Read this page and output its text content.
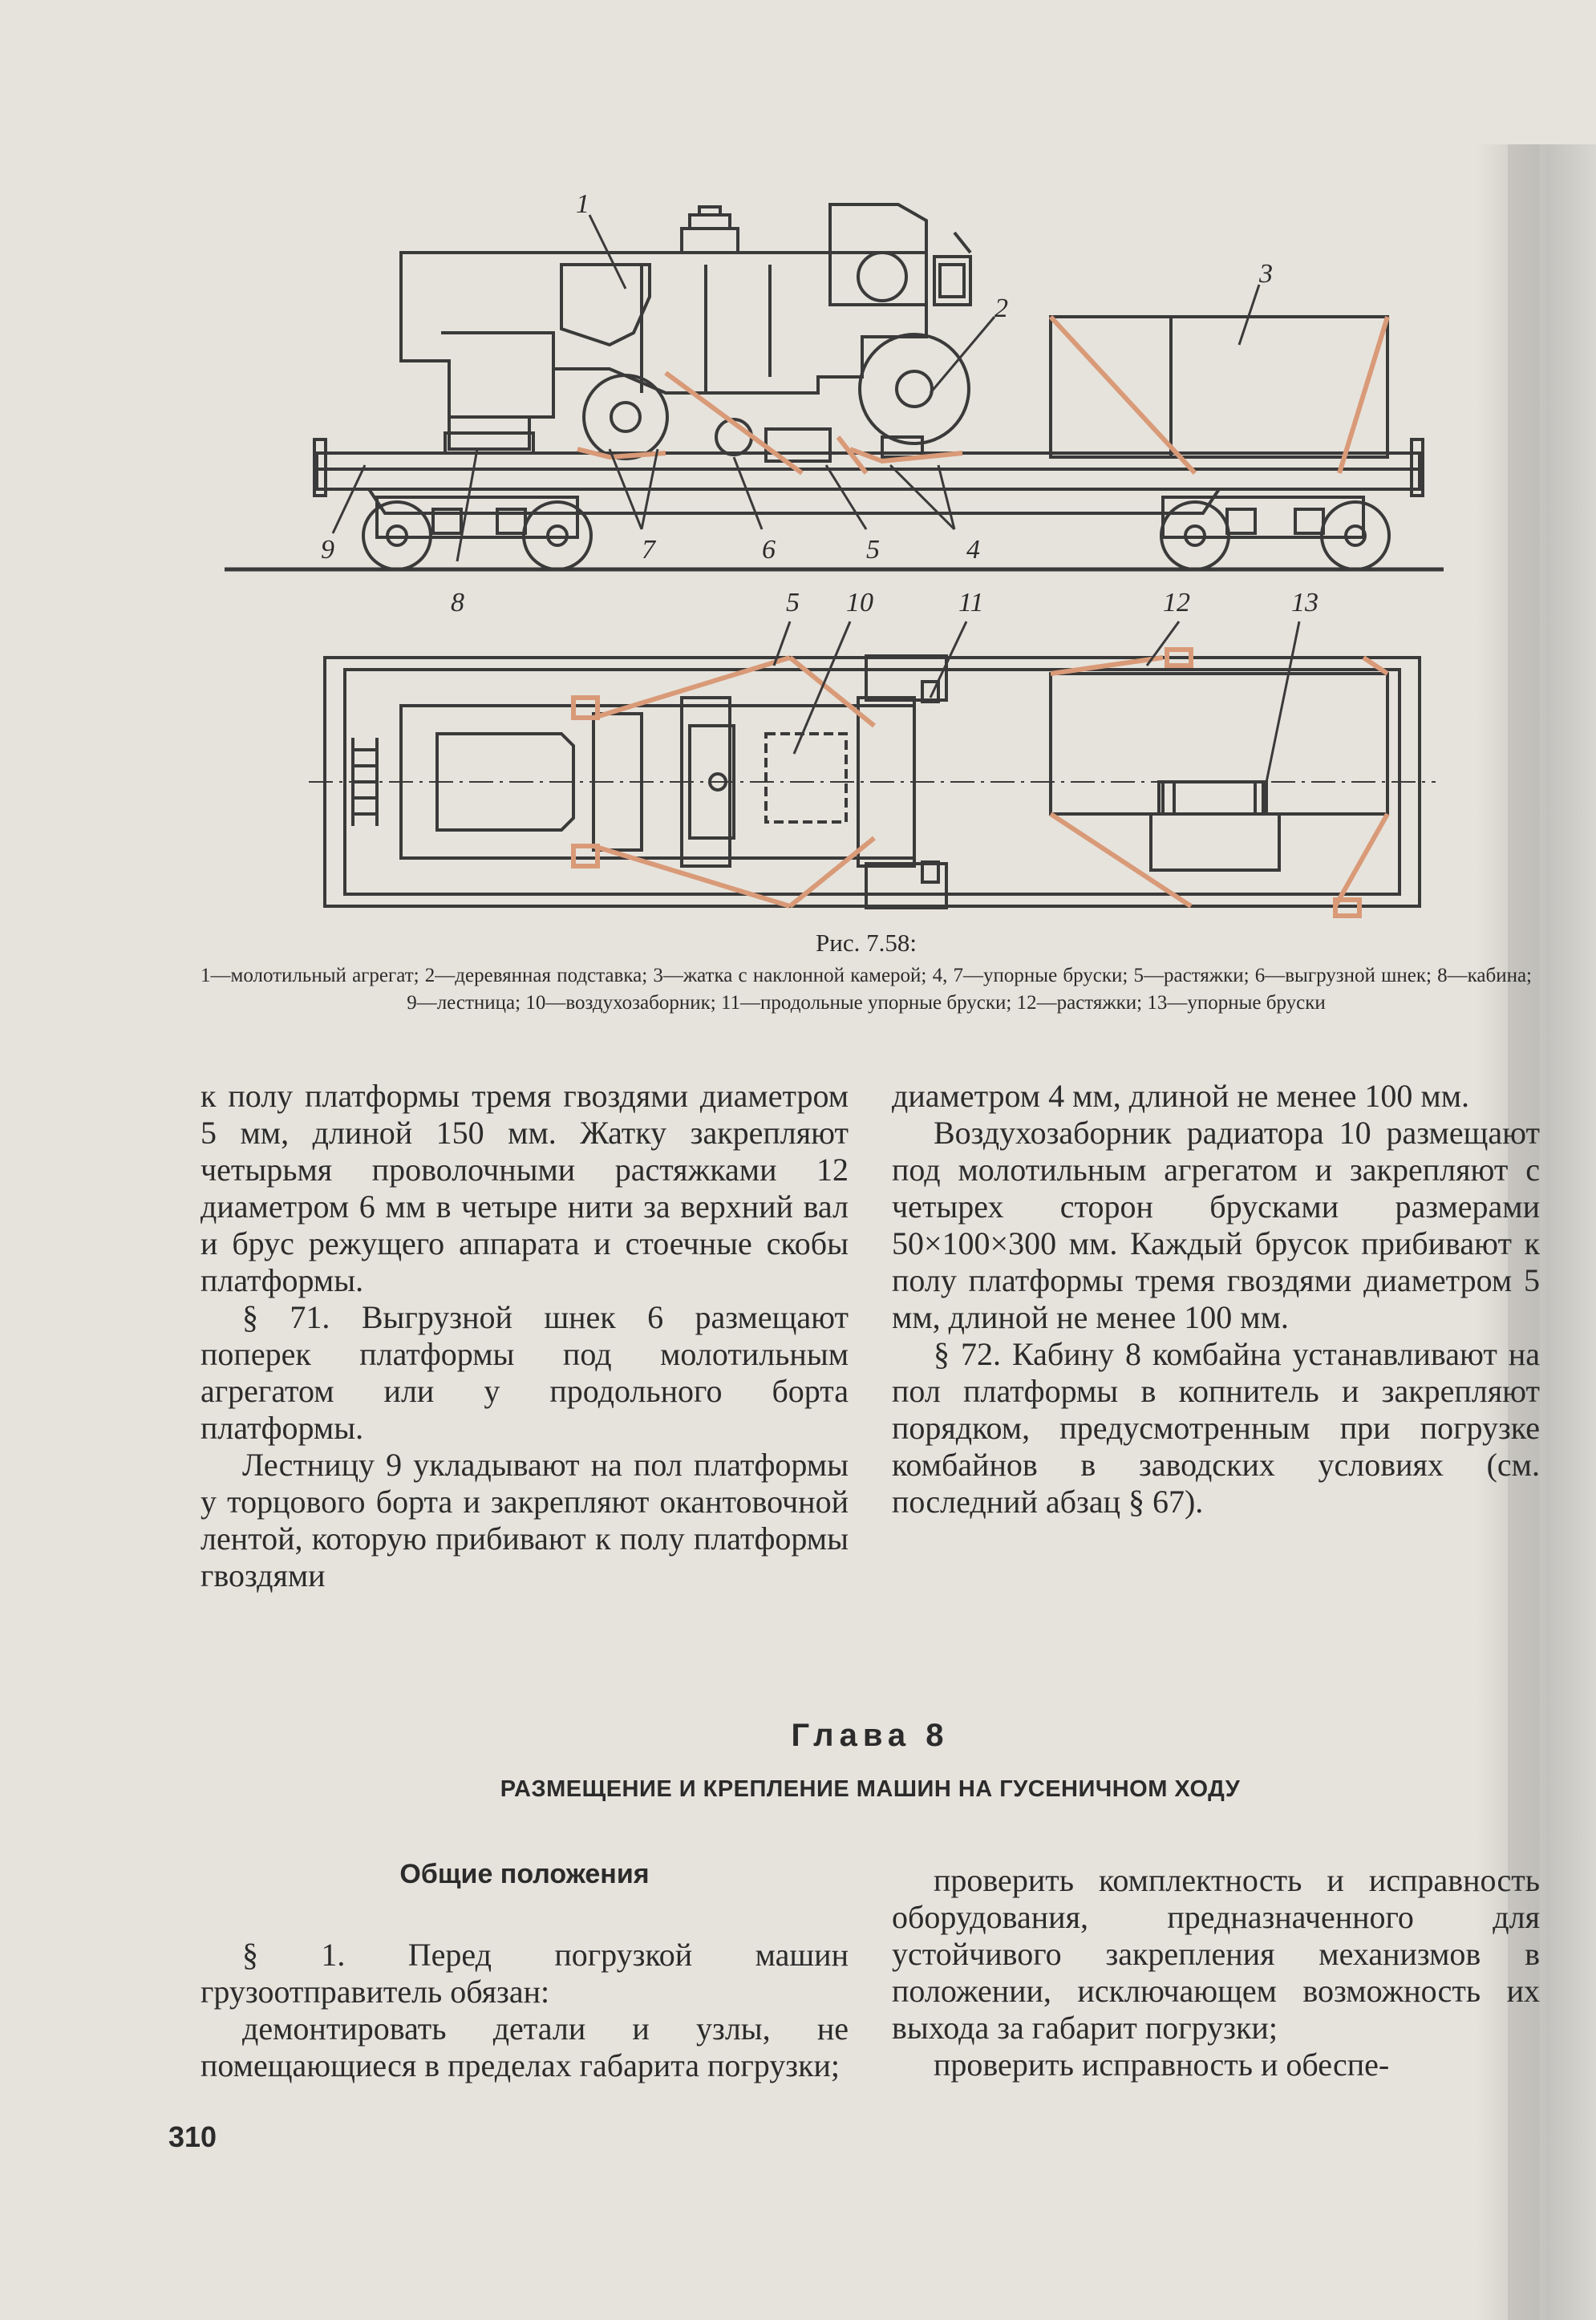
1
2
3
4
5
6
7
8
9
5 10	11	12	13
Рис. 7.58:
1—молотильный агрегат; 2—деревянная подставка; 3—жатка с наклонной камерой; 4, 7—упорные бруски; 5—растяжки; 6—выгрузной шнек; 8—кабина; 9—лестница; 10—воздухозаборник; 11—продольные упорные бруски; 12—растяжки; 13—упорные бруски

к полу платформы тремя гвоздями диаметром 5 мм, длиной 150 мм. Жатку закрепляют четырьмя проволочными растяжками 12 диаметром 6 мм в четыре нити за верхний вал и брус режущего аппарата и стоечные скобы платформы.

§ 71. Выгрузной шнек 6 размещают поперек платформы под молотильным агрегатом или у продольного борта платформы.

Лестницу 9 укладывают на пол платформы у торцового борта и закрепляют окантовочной лентой, которую прибивают к полу платформы гвоздями

диаметром 4 мм, длиной не менее 100 мм.

Воздухозаборник радиатора 10 размещают под молотильным агрегатом и закрепляют с четырех сторон брусками размерами 50×100×300 мм. Каждый брусок прибивают к полу платформы тремя гвоздями диаметром 5 мм, длиной не менее 100 мм.

§ 72. Кабину 8 комбайна устанавливают на пол платформы в копнитель и закрепляют порядком, предусмотренным при погрузке комбайнов в заводских условиях (см. последний абзац § 67).

Глава 8
РАЗМЕЩЕНИЕ И КРЕПЛЕНИЕ МАШИН НА ГУСЕНИЧНОМ ХОДУ
Общие положения

§ 1. Перед погрузкой машин грузоотправитель обязан:

демонтировать детали и узлы, не помещающиеся в пределах габарита погрузки;

проверить комплектность и исправность оборудования, предназначенного для устойчивого закрепления механизмов в положении, исключающем возможность их выхода за габарит погрузки;

проверить исправность и обеспе-

310
